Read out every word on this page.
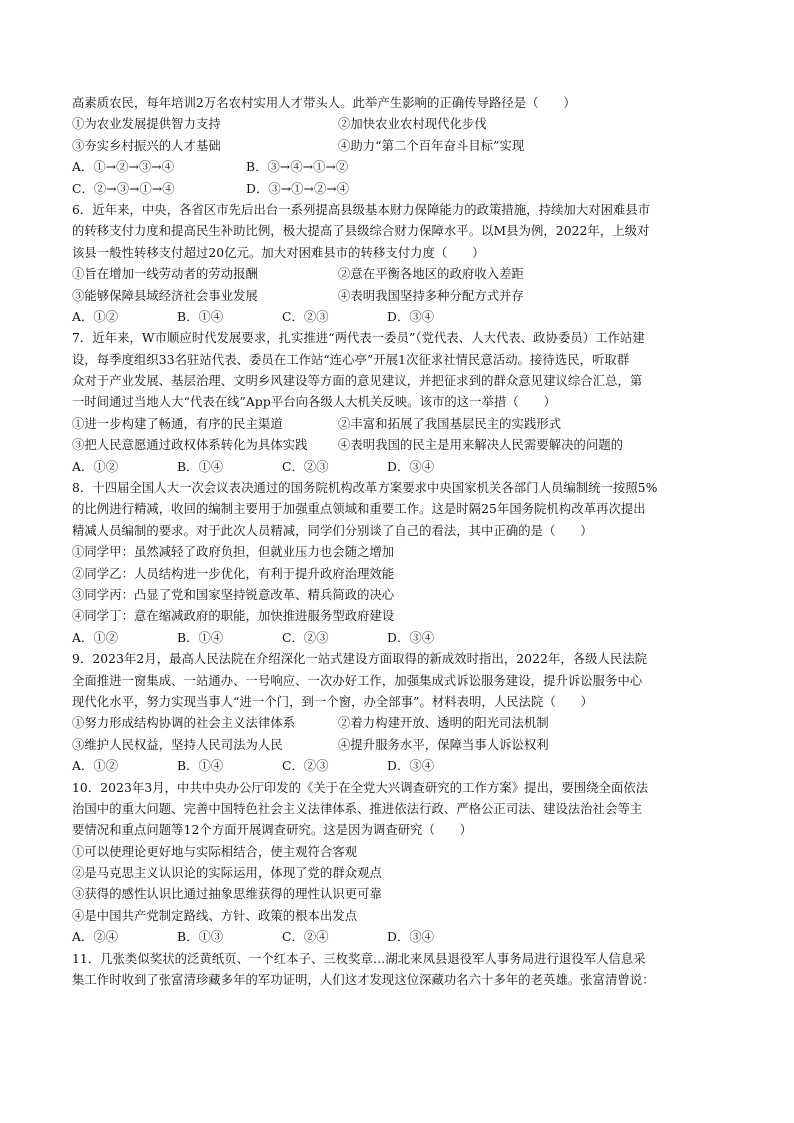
高素质农民，每年培训2万名农村实用人才带头人。此举产生影响的正确传导路径是（　　）
①为农业发展提供智力支持	②加快农业农村现代化步伐
③夯实乡村振兴的人才基础	④助力“第二个百年奋斗目标”实现
A．①→②→③→④	B．③→④→①→②
C．②→③→①→④	D．③→①→②→④
6．近年来，中央，各省区市先后出台一系列提高县级基本财力保障能力的政策措施，持续加大对困难县市
的转移支付力度和提高民生补助比例，极大提高了县级综合财力保障水平。以M县为例，2022年，上级对
该县一般性转移支付超过20亿元。加大对困难县市的转移支付力度（　　）
①旨在增加一线劳动者的劳动报酬	②意在平衡各地区的政府收入差距
③能够保障县域经济社会事业发展	④表明我国坚持多种分配方式并存
A．①②	B．①④	C．②③	D．③④
7．近年来，W市顺应时代发展要求，扎实推进“两代表一委员”（党代表、人大代表、政协委员）工作站建
设，每季度组织33名驻站代表、委员在工作站“连心亭”开展1次征求社情民意活动。接待选民，听取群
众对于产业发展、基层治理、文明乡风建设等方面的意见建议，并把征求到的群众意见建议综合汇总，第
一时间通过当地人大“代表在线”App平台向各级人大机关反映。该市的这一举措（　　）
①进一步构建了畅通，有序的民主渠道	②丰富和拓展了我国基层民主的实践形式
③把人民意愿通过政权体系转化为具体实践	④表明我国的民主是用来解决人民需要解决的问题的
A．①②	B．①④	C．②③	D．③④
8．十四届全国人大一次会议表决通过的国务院机构改革方案要求中央国家机关各部门人员编制统一按照5%
的比例进行精减，收回的编制主要用于加强重点领域和重要工作。这是时隔25年国务院机构改革再次提出
精减人员编制的要求。对于此次人员精减，同学们分别谈了自己的看法，其中正确的是（　　）
①同学甲：虽然减轻了政府负担，但就业压力也会随之增加
②同学乙：人员结构进一步优化，有利于提升政府治理效能
③同学丙：凸显了党和国家坚持锐意改革、精兵简政的决心
④同学丁：意在缩减政府的职能，加快推进服务型政府建设
A．①②	B．①④	C．②③	D．③④
9．2023年2月，最高人民法院在介绍深化一站式建设方面取得的新成效时指出，2022年，各级人民法院
全面推进一窗集成、一站通办、一号响应、一次办好工作，加强集成式诉讼服务建设，提升诉讼服务中心
现代化水平，努力实现当事人“进一个门，到一个窗，办全部事”。材料表明，人民法院（　　）
①努力形成结构协调的社会主义法律体系	②着力构建开放、透明的阳光司法机制
③维护人民权益，坚持人民司法为人民	④提升服务水平，保障当事人诉讼权利
A．①②	B．①④	C．②③	D．③④
10．2023年3月，中共中央办公厅印发的《关于在全党大兴调查研究的工作方案》提出，要围绕全面依法
治国中的重大问题、完善中国特色社会主义法律体系、推进依法行政、严格公正司法、建设法治社会等主
要情况和重点问题等12个方面开展调查研究。这是因为调查研究（　　）
①可以使理论更好地与实际相结合，使主观符合客观
②是马克思主义认识论的实际运用，体现了党的群众观点
③获得的感性认识比通过抽象思维获得的理性认识更可靠
④是中国共产党制定路线、方针、政策的根本出发点
A．②④	B．①③	C．②④	D．③④
11．几张类似奖状的泛黄纸页、一个红本子、三枚奖章…湖北来凤县退役军人事务局进行退役军人信息采
集工作时收到了张富清珍藏多年的军功证明，人们这才发现这位深藏功名六十多年的老英雄。张富清曾说：
